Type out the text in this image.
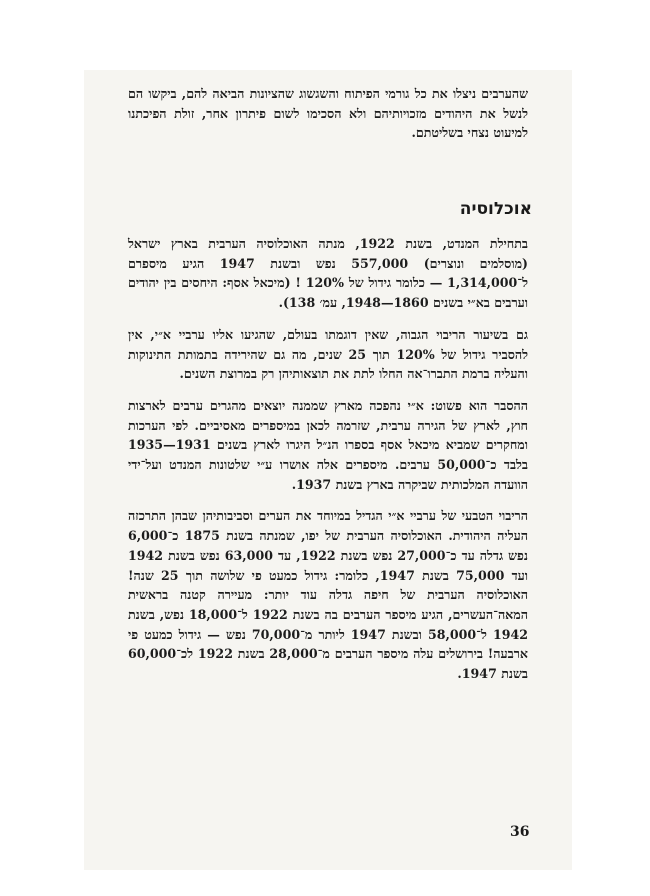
שהערבים ניצלו את כל גורמי הפיתוח והשגשוג שהציונות הביאה להם, ביקשו הם לנשל את היהודים מזכויותיהם ולא הסכימו לשום פיתרון אחר, זולת הפיכתנו למיעוט נצחי בשליטתם.

אוכלוסיה

בתחילת המנדט, בשנת 1922, מנתה האוכלוסיה הערבית בארץ ישראל (מוסלמים ונוצרים) 557,000 נפש ובשנת 1947 הגיע מיספרם ל־1,314,000 — כלומר גידול של 120% ! (מיכאל אסף: היחסים בין יהודים וערבים בא״י בשנים 1860—1948, עמ׳ 138).

גם בשיעור הריבוי הגבוה, שאין דוגמתו בעולם, שהגיעו אליו ערביי א״י, אין להסביר גידול של 120% תוך 25 שנים, מה גם שהירידה בתמותת התינוקות והעליה ברמת התברו־אה החלו לתת את תוצאותיהן רק במרוצת השנים.

ההסבר הוא פשוט: א״י נהפכה מארץ שממנה יוצאים מהגרים ערבים לארצות חוץ, לארץ של הגירה ערבית, שזרמה לכאן במיספרים מאסיביים. לפי הערכות ומחקרים שמביא מיכאל אסף בספרו הנ״ל היגרו לארץ בשנים 1931—1935 בלבד כ־50,000 ערבים. מיספרים אלה אושרו ע״י שלטונות המנדט ועל־ידי הוועדה המלכותית שביקרה בארץ בשנת 1937.

הריבוי הטבעי של ערביי א״י הגדיל במיוחד את הערים וסביבותיהן שבהן התרכזה העליה היהודית. האוכלוסיה הערבית של יפו, שמנתה בשנת 1875 כ־6,000 נפש גדלה עד כ־27,000 נפש בשנת 1922, עד 63,000 נפש בשנת 1942 ועד 75,000 בשנת 1947, כלומר: גידול כמעט פי שלושה תוך 25 שנה! האוכלוסיה הערבית של חיפה גדלה עוד יותר: מעיירה קטנה בראשית המאה־העשרים, הגיע מיספר הערבים בה בשנת 1922 ל־18,000 נפש, בשנת 1942 ל־58,000 ובשנת 1947 ליותר מ־70,000 נפש — גידול כמעט פי ארבעה! בירושלים עלה מיספר הערבים מ־28,000 בשנת 1922 לכ־60,000 בשנת 1947.

36
